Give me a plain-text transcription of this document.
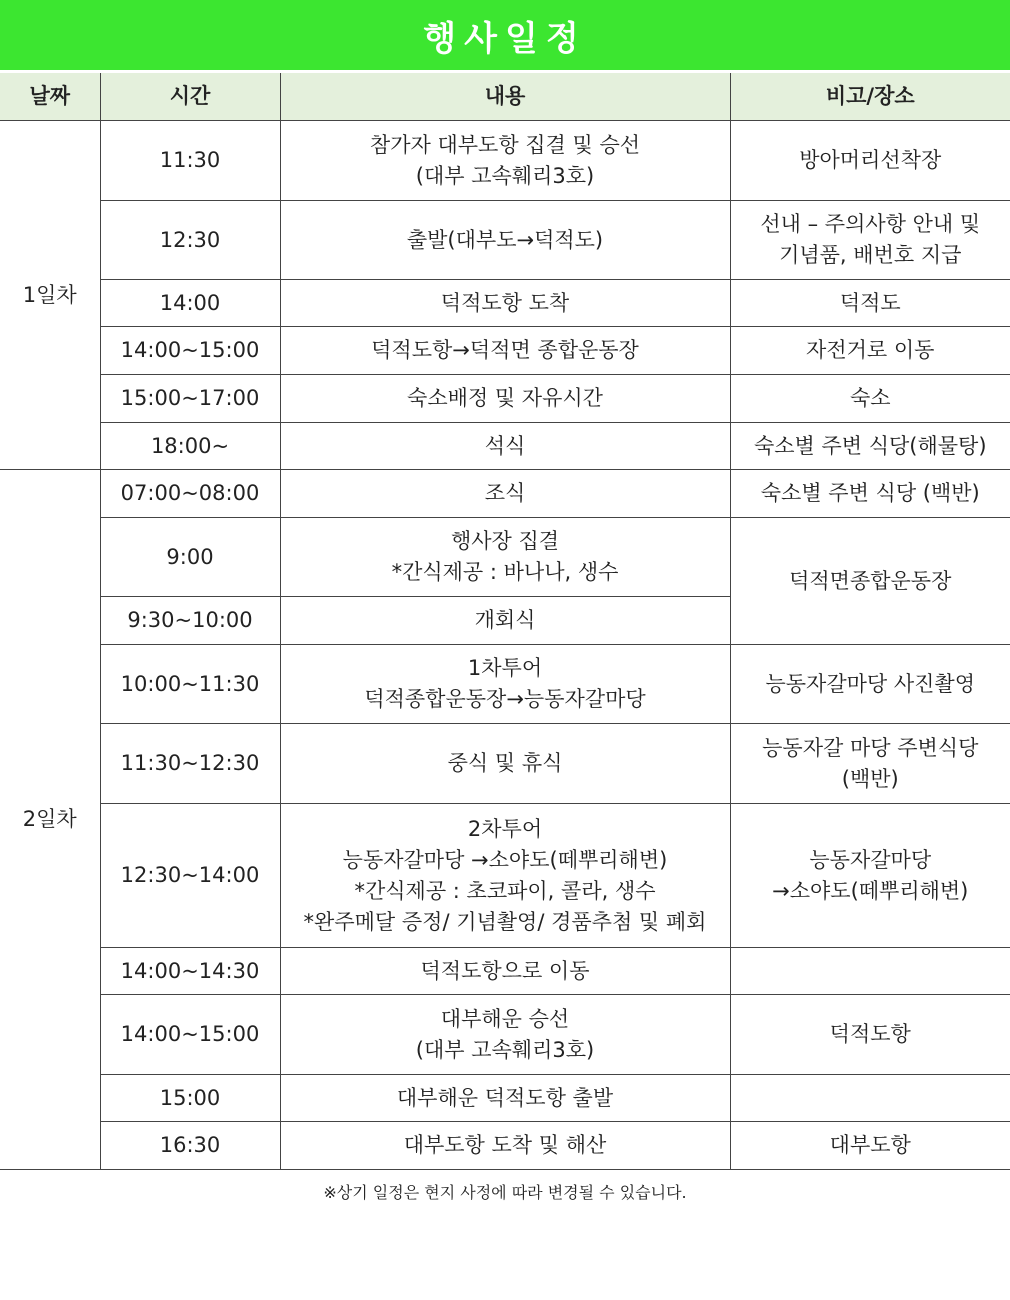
행사일정
날짜	시간	내용	비고/장소
1일차	11:30	참가자 대부도항 집결 및 승선
(대부 고속훼리3호)	방아머리선착장

	12:30	출발(대부도→덕적도)	선내 – 주의사항 안내 및
기념품, 배번호 지급

	14:00	덕적도항 도착	덕적도

	14:00~15:00	덕적도항→덕적면 종합운동장	자전거로 이동

	15:00~17:00	숙소배정 및 자유시간	숙소

	18:00~	석식	숙소별 주변 식당(해물탕)

2일차	07:00~08:00	조식	숙소별 주변 식당 (백반)

	9:00	행사장 집결
*간식제공 : 바나나, 생수	덕적면종합운동장

	9:30~10:00	개회식	

	10:00~11:30	1차투어
덕적종합운동장→능동자갈마당	능동자갈마당 사진촬영

	11:30~12:30	중식 및 휴식	능동자갈 마당 주변식당
(백반)

	12:30~14:00	2차투어
능동자갈마당 →소야도(떼뿌리해변)
*간식제공 : 초코파이, 콜라, 생수
*완주메달 증정/ 기념촬영/ 경품추첨 및 폐회	능동자갈마당
→소야도(떼뿌리해변)

	14:00~14:30	덕적도항으로 이동	

	14:00~15:00	대부해운 승선
(대부 고속훼리3호)	덕적도항

	15:00	대부해운 덕적도항 출발	

	16:30	대부도항 도착 및 해산	대부도항
※상기 일정은 현지 사정에 따라 변경될 수 있습니다.
